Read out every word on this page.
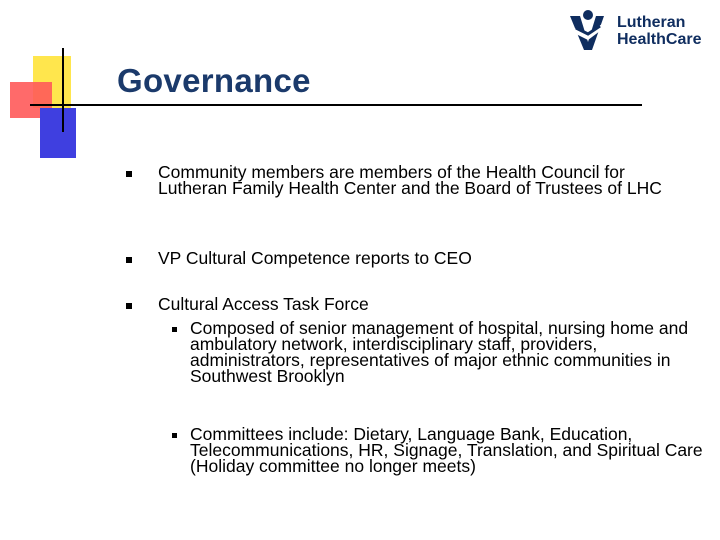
Lutheran
HealthCare
Governance
Community members are members of the Health Council for Lutheran Family Health Center and the Board of Trustees of LHC
VP Cultural Competence reports to CEO
Cultural Access Task Force
Composed of senior management of hospital, nursing home and ambulatory network, interdisciplinary staff, providers, administrators, representatives of major ethnic communities in Southwest Brooklyn
Committees include: Dietary, Language Bank, Education, Telecommunications, HR, Signage, Translation, and Spiritual Care (Holiday committee no longer meets)
